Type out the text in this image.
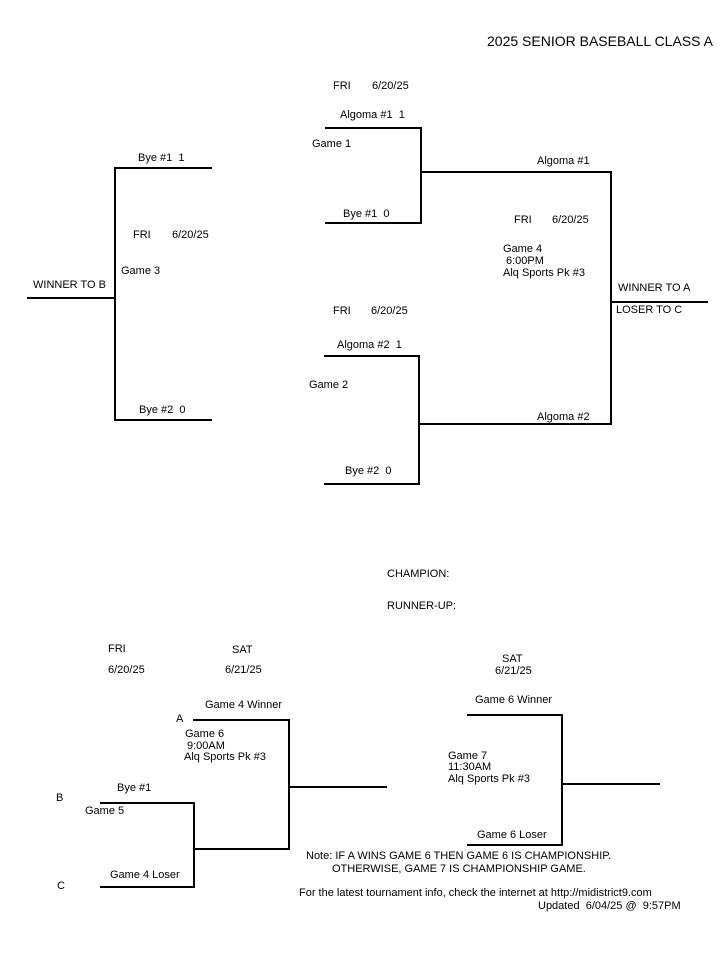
2025 SENIOR BASEBALL CLASS A
FRI 6/20/25
Algoma #1  1
Game 1
Bye #1  0
FRI 6/20/25
Algoma #2  1
Game 2
Bye #2  0
Bye #1  1
FRI 6/20/25
Game 3
WINNER TO B
Bye #2  0
Algoma #1
FRI 6/20/25
Game 4
6:00PM
Alq Sports Pk #3
WINNER TO A
LOSER TO C
Algoma #2
CHAMPION:
RUNNER-UP:
FRI
6/20/25
SAT
6/21/25
Game 4 Winner
A
Game 6
9:00AM
Alq Sports Pk #3
B
Bye #1
Game 5
Game 4 Loser
C
SAT
6/21/25
Game 6 Winner
Game 7
11:30AM
Alq Sports Pk #3
Game 6 Loser
Note: IF A WINS GAME 6 THEN GAME 6 IS CHAMPIONSHIP.
OTHERWISE, GAME 7 IS CHAMPIONSHIP GAME.
For the latest tournament info, check the internet at http://midistrict9.com
Updated  6/04/25 @  9:57PM
